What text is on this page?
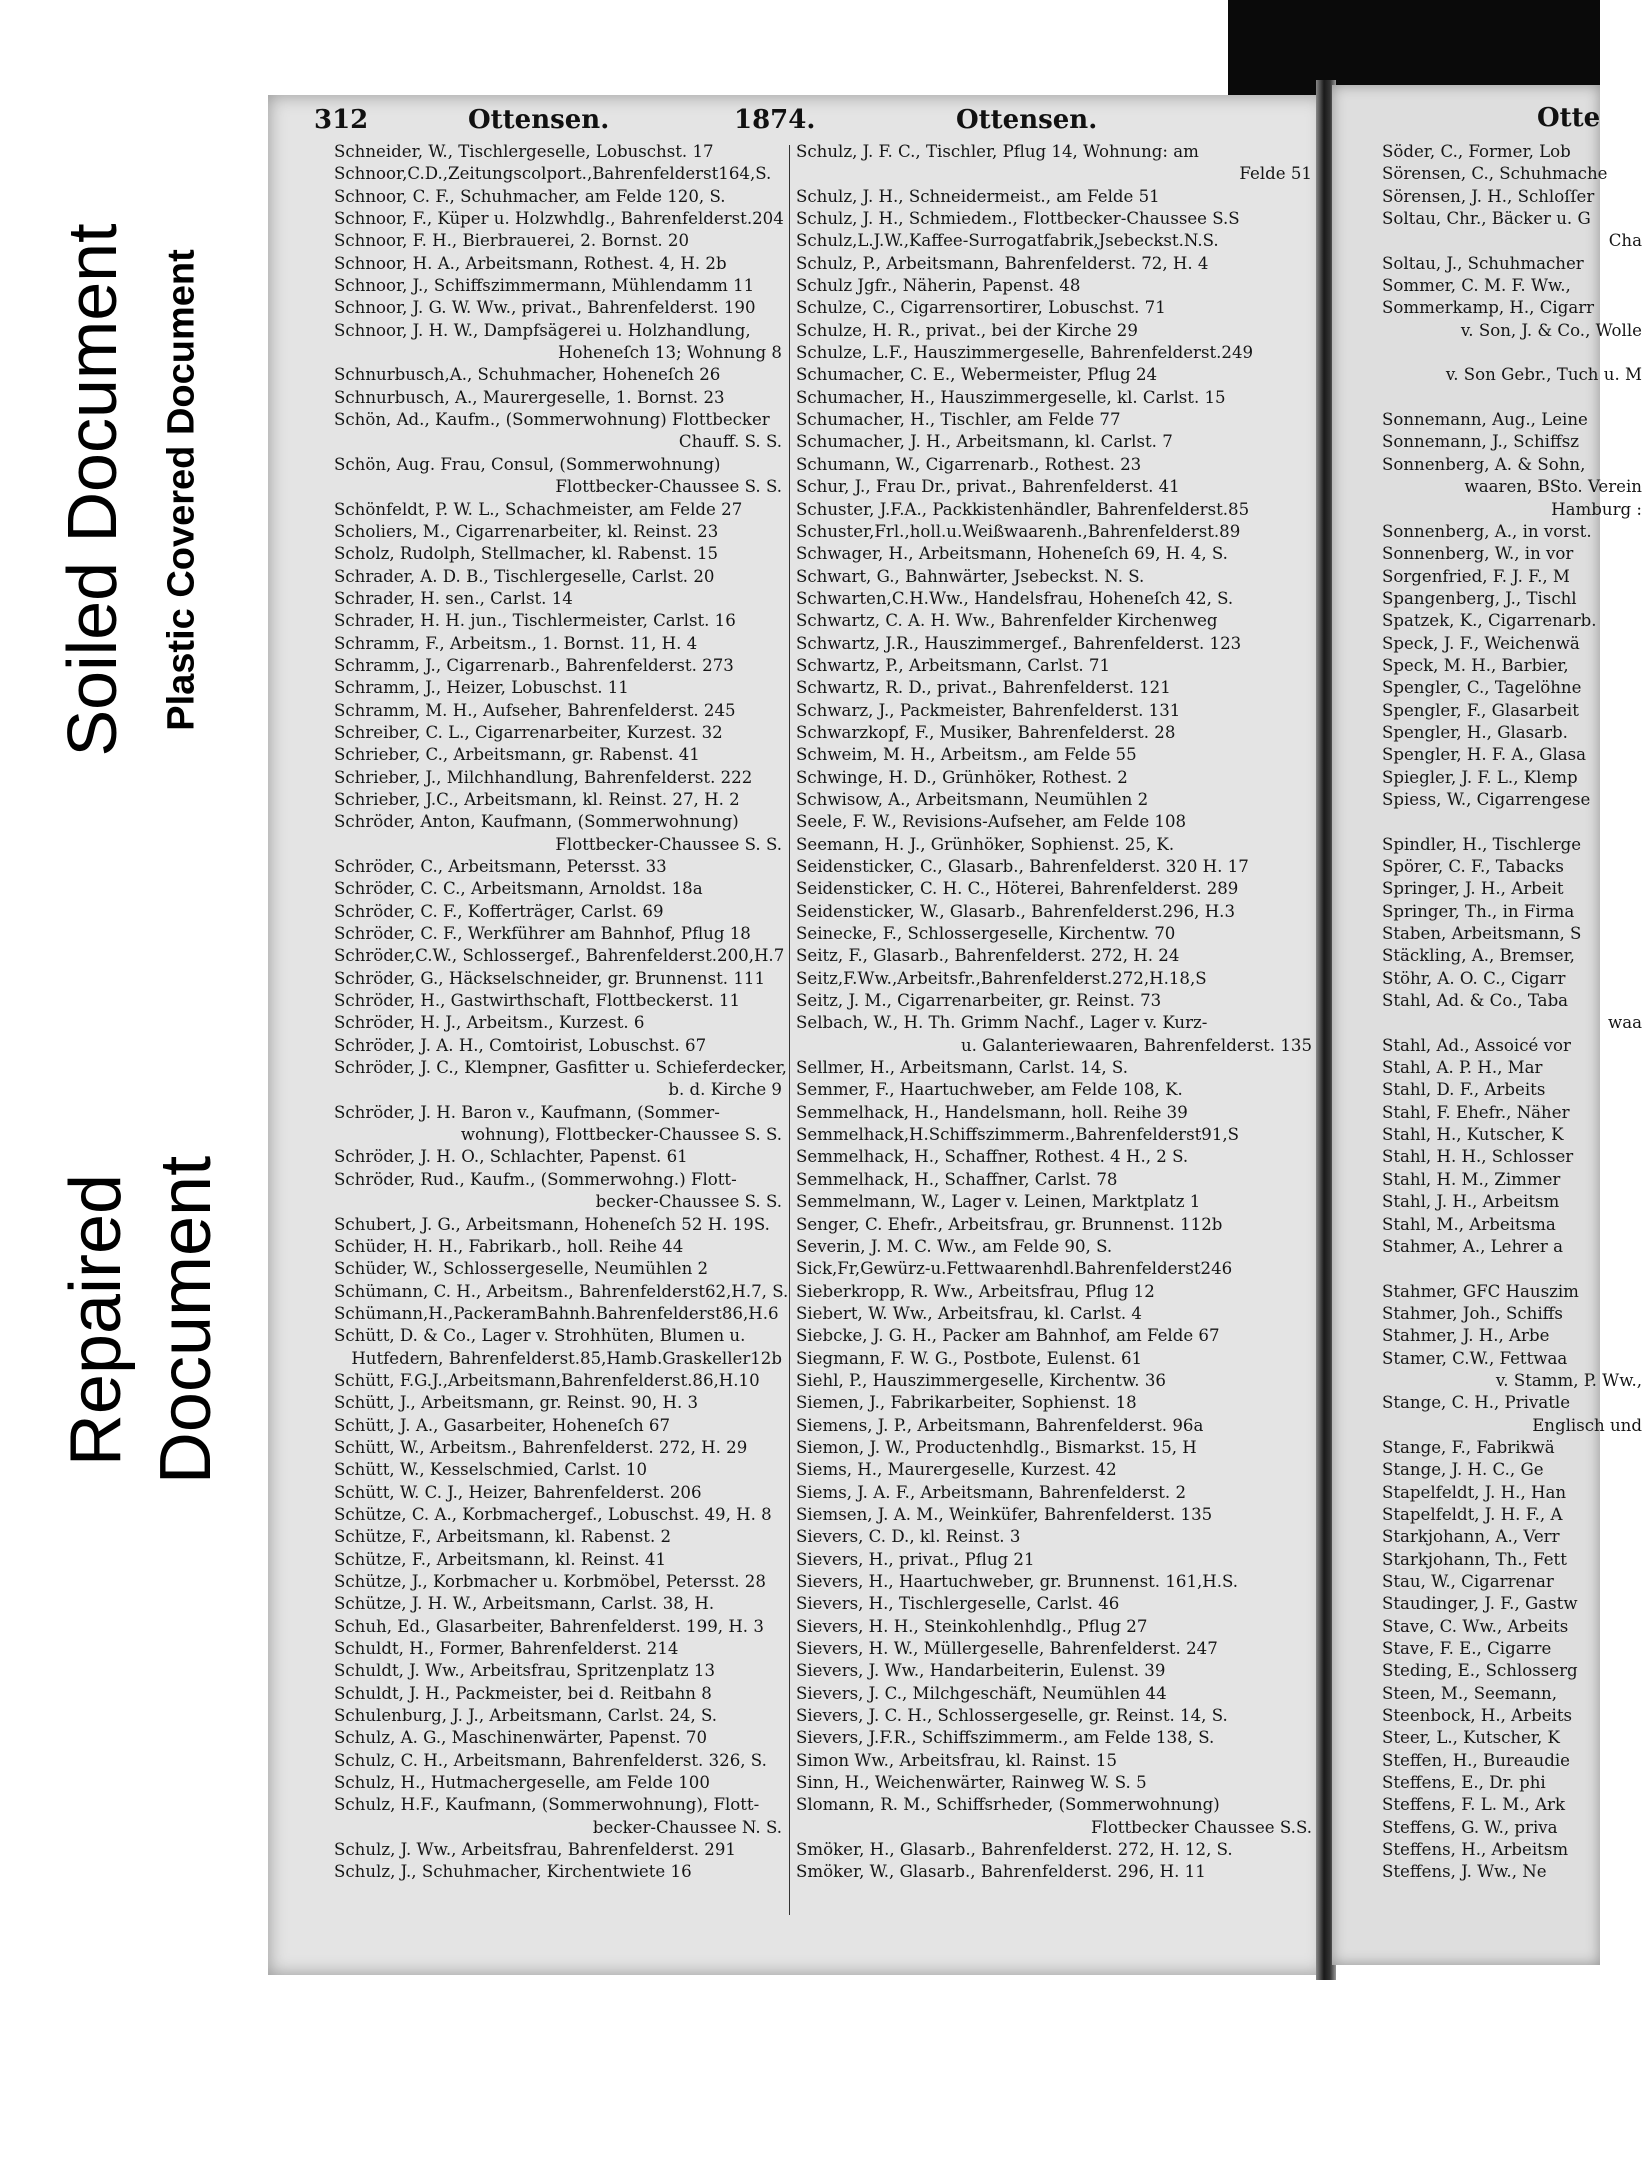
Soiled Document Plastic Covered Document
Repaired Document
312	Ottensen.	1874.	Ottensen.
Schneider, W., Tischlergeselle, Lobuschst. 17
Schnoor,C.D.,Zeitungscolport.,Bahrenfelderst164,S.
Schnoor, C. F., Schuhmacher, am Felde 120, S.
Schnoor, F., Küper u. Holzwhdlg., Bahrenfelderst.204
Schnoor, F. H., Bierbrauerei, 2. Bornst. 20
Schnoor, H. A., Arbeitsmann, Rothest. 4, H. 2b
Schnoor, J., Schiffszimmermann, Mühlendamm 11
Schnoor, J. G. W. Ww., privat., Bahrenfelderst. 190
Schnoor, J. H. W., Dampfsägerei u. Holzhandlung,
Hoheneſch 13; Wohnung 8
Schnurbusch,A., Schuhmacher, Hoheneſch 26
Schnurbusch, A., Maurergeselle, 1. Bornst. 23
Schön, Ad., Kaufm., (Sommerwohnung) Flottbecker
Chauff. S. S.
Schön, Aug. Frau, Consul, (Sommerwohnung)
Flottbecker-Chaussee S. S.
Schönfeldt, P. W. L., Schachmeister, am Felde 27
Scholiers, M., Cigarrenarbeiter, kl. Reinst. 23
Scholz, Rudolph, Stellmacher, kl. Rabenst. 15
Schrader, A. D. B., Tischlergeselle, Carlst. 20
Schrader, H. sen., Carlst. 14
Schrader, H. H. jun., Tischlermeister, Carlst. 16
Schramm, F., Arbeitsm., 1. Bornst. 11, H. 4
Schramm, J., Cigarrenarb., Bahrenfelderst. 273
Schramm, J., Heizer, Lobuschst. 11
Schramm, M. H., Aufseher, Bahrenfelderst. 245
Schreiber, C. L., Cigarrenarbeiter, Kurzest. 32
Schrieber, C., Arbeitsmann, gr. Rabenst. 41
Schrieber, J., Milchhandlung, Bahrenfelderst. 222
Schrieber, J.C., Arbeitsmann, kl. Reinst. 27, H. 2
Schröder, Anton, Kaufmann, (Sommerwohnung)
Flottbecker-Chaussee S. S.
Schröder, C., Arbeitsmann, Petersst. 33
Schröder, C. C., Arbeitsmann, Arnoldst. 18a
Schröder, C. F., Kofferträger, Carlst. 69
Schröder, C. F., Werkführer am Bahnhof, Pflug 18
Schröder,C.W., Schlossergef., Bahrenfelderst.200,H.7
Schröder, G., Häckselschneider, gr. Brunnenst. 111
Schröder, H., Gastwirthschaft, Flottbeckerst. 11
Schröder, H. J., Arbeitsm., Kurzest. 6
Schröder, J. A. H., Comtoirist, Lobuschst. 67
Schröder, J. C., Klempner, Gasfitter u. Schieferdecker,
b. d. Kirche 9
Schröder, J. H. Baron v., Kaufmann, (Sommer-
wohnung), Flottbecker-Chaussee S. S.
Schröder, J. H. O., Schlachter, Papenst. 61
Schröder, Rud., Kaufm., (Sommerwohng.) Flott-
becker-Chaussee S. S.
Schubert, J. G., Arbeitsmann, Hoheneſch 52 H. 19S.
Schüder, H. H., Fabrikarb., holl. Reihe 44
Schüder, W., Schlossergeselle, Neumühlen 2
Schümann, C. H., Arbeitsm., Bahrenfelderst62,H.7, S.
Schümann,H.,PackeramBahnh.Bahrenfelderst86,H.6
Schütt, D. & Co., Lager v. Strohhüten, Blumen u.
Hutfedern, Bahrenfelderst.85,Hamb.Graskeller12b
Schütt, F.G.J.,Arbeitsmann,Bahrenfelderst.86,H.10
Schütt, J., Arbeitsmann, gr. Reinst. 90, H. 3
Schütt, J. A., Gasarbeiter, Hoheneſch 67
Schütt, W., Arbeitsm., Bahrenfelderst. 272, H. 29
Schütt, W., Kesselschmied, Carlst. 10
Schütt, W. C. J., Heizer, Bahrenfelderst. 206
Schütze, C. A., Korbmachergef., Lobuschst. 49, H. 8
Schütze, F., Arbeitsmann, kl. Rabenst. 2
Schütze, F., Arbeitsmann, kl. Reinst. 41
Schütze, J., Korbmacher u. Korbmöbel, Petersst. 28
Schütze, J. H. W., Arbeitsmann, Carlst. 38, H.
Schuh, Ed., Glasarbeiter, Bahrenfelderst. 199, H. 3
Schuldt, H., Former, Bahrenfelderst. 214
Schuldt, J. Ww., Arbeitsfrau, Spritzenplatz 13
Schuldt, J. H., Packmeister, bei d. Reitbahn 8
Schulenburg, J. J., Arbeitsmann, Carlst. 24, S.
Schulz, A. G., Maschinenwärter, Papenst. 70
Schulz, C. H., Arbeitsmann, Bahrenfelderst. 326, S.
Schulz, H., Hutmachergeselle, am Felde 100
Schulz, H.F., Kaufmann, (Sommerwohnung), Flott-
becker-Chaussee N. S.
Schulz, J. Ww., Arbeitsfrau, Bahrenfelderst. 291
Schulz, J., Schuhmacher, Kirchentwiete 16
Schulz, J. F. C., Tischler, Pflug 14, Wohnung: am
Felde 51
Schulz, J. H., Schneidermeist., am Felde 51
Schulz, J. H., Schmiedem., Flottbecker-Chaussee S.S
Schulz,L.J.W.,Kaffee-Surrogatfabrik,Jsebeckst.N.S.
Schulz, P., Arbeitsmann, Bahrenfelderst. 72, H. 4
Schulz Jgfr., Näherin, Papenst. 48
Schulze, C., Cigarrensortirer, Lobuschst. 71
Schulze, H. R., privat., bei der Kirche 29
Schulze, L.F., Hauszimmergeselle, Bahrenfelderst.249
Schumacher, C. E., Webermeister, Pflug 24
Schumacher, H., Hauszimmergeselle, kl. Carlst. 15
Schumacher, H., Tischler, am Felde 77
Schumacher, J. H., Arbeitsmann, kl. Carlst. 7
Schumann, W., Cigarrenarb., Rothest. 23
Schur, J., Frau Dr., privat., Bahrenfelderst. 41
Schuster, J.F.A., Packkistenhändler, Bahrenfelderst.85
Schuster,Frl.,holl.u.Weißwaarenh.,Bahrenfelderst.89
Schwager, H., Arbeitsmann, Hoheneſch 69, H. 4, S.
Schwart, G., Bahnwärter, Jsebeckst. N. S.
Schwarten,C.H.Ww., Handelsfrau, Hoheneſch 42, S.
Schwartz, C. A. H. Ww., Bahrenfelder Kirchenweg
Schwartz, J.R., Hauszimmergef., Bahrenfelderst. 123
Schwartz, P., Arbeitsmann, Carlst. 71
Schwartz, R. D., privat., Bahrenfelderst. 121
Schwarz, J., Packmeister, Bahrenfelderst. 131
Schwarzkopf, F., Musiker, Bahrenfelderst. 28
Schweim, M. H., Arbeitsm., am Felde 55
Schwinge, H. D., Grünhöker, Rothest. 2
Schwisow, A., Arbeitsmann, Neumühlen 2
Seele, F. W., Revisions-Aufseher, am Felde 108
Seemann, H. J., Grünhöker, Sophienst. 25, K.
Seidensticker, C., Glasarb., Bahrenfelderst. 320 H. 17
Seidensticker, C. H. C., Höterei, Bahrenfelderst. 289
Seidensticker, W., Glasarb., Bahrenfelderst.296, H.3
Seinecke, F., Schlossergeselle, Kirchentw. 70
Seitz, F., Glasarb., Bahrenfelderst. 272, H. 24
Seitz,F.Ww.,Arbeitsfr.,Bahrenfelderst.272,H.18,S
Seitz, J. M., Cigarrenarbeiter, gr. Reinst. 73
Selbach, W., H. Th. Grimm Nachf., Lager v. Kurz-
u. Galanteriewaaren, Bahrenfelderst. 135
Sellmer, H., Arbeitsmann, Carlst. 14, S.
Semmer, F., Haartuchweber, am Felde 108, K.
Semmelhack, H., Handelsmann, holl. Reihe 39
Semmelhack,H.Schiffszimmerm.,Bahrenfelderst91,S
Semmelhack, H., Schaffner, Rothest. 4 H., 2 S.
Semmelhack, H., Schaffner, Carlst. 78
Semmelmann, W., Lager v. Leinen, Marktplatz 1
Senger, C. Ehefr., Arbeitsfrau, gr. Brunnenst. 112b
Severin, J. M. C. Ww., am Felde 90, S.
Sick,Fr,Gewürz-u.Fettwaarenhdl.Bahrenfelderst246
Sieberkropp, R. Ww., Arbeitsfrau, Pflug 12
Siebert, W. Ww., Arbeitsfrau, kl. Carlst. 4
Siebcke, J. G. H., Packer am Bahnhof, am Felde 67
Siegmann, F. W. G., Postbote, Eulenst. 61
Siehl, P., Hauszimmergeselle, Kirchentw. 36
Siemen, J., Fabrikarbeiter, Sophienst. 18
Siemens, J. P., Arbeitsmann, Bahrenfelderst. 96a
Siemon, J. W., Productenhdlg., Bismarkst. 15, H
Siems, H., Maurergeselle, Kurzest. 42
Siems, J. A. F., Arbeitsmann, Bahrenfelderst. 2
Siemsen, J. A. M., Weinküfer, Bahrenfelderst. 135
Sievers, C. D., kl. Reinst. 3
Sievers, H., privat., Pflug 21
Sievers, H., Haartuchweber, gr. Brunnenst. 161,H.S.
Sievers, H., Tischlergeselle, Carlst. 46
Sievers, H. H., Steinkohlenhdlg., Pflug 27
Sievers, H. W., Müllergeselle, Bahrenfelderst. 247
Sievers, J. Ww., Handarbeiterin, Eulenst. 39
Sievers, J. C., Milchgeschäft, Neumühlen 44
Sievers, J. C. H., Schlossergeselle, gr. Reinst. 14, S.
Sievers, J.F.R., Schiffszimmerm., am Felde 138, S.
Simon Ww., Arbeitsfrau, kl. Rainst. 15
Sinn, H., Weichenwärter, Rainweg W. S. 5
Slomann, R. M., Schiffsrheder, (Sommerwohnung)
Flottbecker Chaussee S.S.
Smöker, H., Glasarb., Bahrenfelderst. 272, H. 12, S.
Smöker, W., Glasarb., Bahrenfelderst. 296, H. 11
Otte
Söder, C., Former, Lob
Sörensen, C., Schuhmache
Sörensen, J. H., Schloſſer
Soltau, Chr., Bäcker u. G
Cha
Soltau, J., Schuhmacher
Sommer, C. M. F. Ww.,
Sommerkamp, H., Cigarr
v. Son, J. & Co., Wolle
v. Son Gebr., Tuch u. M
Sonnemann, Aug., Leine
Sonnemann, J., Schiffsz
Sonnenberg, A. & Sohn,
waaren, BSto. Verein
Hamburg :
Sonnenberg, A., in vorst.
Sonnenberg, W., in vor
Sorgenfried, F. J. F., M
Spangenberg, J., Tischl
Spatzek, K., Cigarrenarb.
Speck, J. F., Weichenwä
Speck, M. H., Barbier,
Spengler, C., Tagelöhne
Spengler, F., Glasarbeit
Spengler, H., Glasarb.
Spengler, H. F. A., Glasa
Spiegler, J. F. L., Klemp
Spiess, W., Cigarrengese
Spindler, H., Tischlerge
Spörer, C. F., Tabacks
Springer, J. H., Arbeit
Springer, Th., in Firma
Staben, Arbeitsmann, S
Stäckling, A., Bremser,
Stöhr, A. O. C., Cigarr
Stahl, Ad. & Co., Taba
waa
Stahl, Ad., Assoicé vor
Stahl, A. P. H., Mar
Stahl, D. F., Arbeits
Stahl, F. Ehefr., Näher
Stahl, H., Kutscher, K
Stahl, H. H., Schlosser
Stahl, H. M., Zimmer
Stahl, J. H., Arbeitsm
Stahl, M., Arbeitsma
Stahmer, A., Lehrer a
Stahmer, GFC Hauszim
Stahmer, Joh., Schiffs
Stahmer, J. H., Arbe
Stamer, C.W., Fettwaa
v. Stamm, P. Ww.,
Stange, C. H., Privatle
Englisch und
Stange, F., Fabrikwä
Stange, J. H. C., Ge
Stapelfeldt, J. H., Han
Stapelfeldt, J. H. F., A
Starkjohann, A., Verr
Starkjohann, Th., Fett
Stau, W., Cigarrenar
Staudinger, J. F., Gastw
Stave, C. Ww., Arbeits
Stave, F. E., Cigarre
Steding, E., Schlosserg
Steen, M., Seemann,
Steenbock, H., Arbeits
Steer, L., Kutscher, K
Steffen, H., Bureaudie
Steffens, E., Dr. phi
Steffens, F. L. M., Ark
Steffens, G. W., priva
Steffens, H., Arbeitsm
Steffens, J. Ww., Ne
